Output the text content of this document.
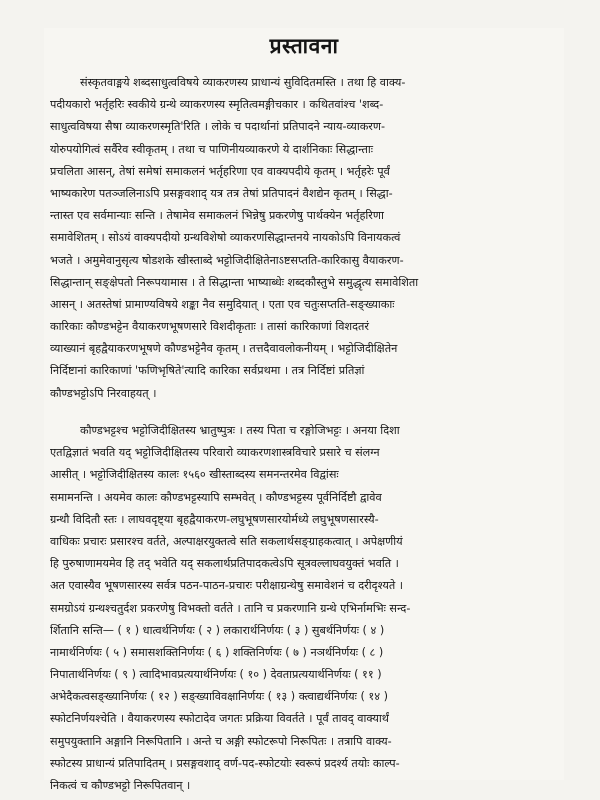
प्रस्तावना
संस्कृतवाङ्मये शब्दसाधुत्वविषये व्याकरणस्य प्राधान्यं सुविदितमस्ति । तथा हि वाक्य-
पदीयकारो भर्तृहरिः स्वकीये ग्रन्थे व्याकरणस्य स्मृतित्वमङ्गीचकार । कथितवांश्च 'शब्द-
साधुत्वविषया सैषा व्याकरणस्मृति'रिति । लोके च पदार्थानां प्रतिपादने न्याय-व्याकरण-
योरुपयोगित्वं सर्वैरेव स्वीकृतम् । तथा च पाणिनीयव्याकरणे ये दार्शनिकाः सिद्धान्ताः
प्रचलिता आसन्, तेषां समेषां समाकलनं भर्तृहरिणा एव वाक्यपदीये कृतम् । भर्तृहरेः पूर्वं
भाष्यकारेण पतञ्जलिनाऽपि प्रसङ्गवशाद् यत्र तत्र तेषां प्रतिपादनं वैशद्येन कृतम् । सिद्धा-
न्तास्त एव सर्वमान्याः सन्ति । तेषामेव समाकलनं भिन्नेषु प्रकरणेषु पार्थक्येन भर्तृहरिणा
समावेशितम् । सोऽयं वाक्यपदीयो ग्रन्थविशेषो व्याकरणसिद्धान्तनये नायकोऽपि विनायकत्वं
भजते । अमुमेवानुसृत्य षोडशके खीस्ताब्दे भट्टोजिदीक्षितेनाऽष्टसप्तति-कारिकासु वैयाकरण-
सिद्धान्तान् सङ्क्षेपतो निरूपयामास । ते सिद्धान्ता भाष्याब्धेः शब्दकौस्तुभे समुद्धृत्य समावेशिता
आसन् । अतस्तेषां प्रामाण्यविषये शङ्का नैव समुदियात् । एता एव चतुःसप्तति-सङ्ख्याकाः
कारिकाः कौण्डभट्टेन वैयाकरणभूषणसारे विशदीकृताः । तासां कारिकाणां विशदतरं
व्याख्यानं बृहद्वैयाकरणभूषणे कौण्डभट्टेनैव कृतम् । तत्तदैवावलोकनीयम् । भट्टोजिदीक्षितेन
निर्दिष्टानां कारिकाणां 'फणिभृषिते'त्यादि कारिका सर्वप्रथमा । तत्र निर्दिष्टां प्रतिज्ञां
कौण्डभट्टोऽपि निरवाहयत् ।
कौण्डभट्टश्च भट्टोजिदीक्षितस्य भ्रातुष्पुत्रः । तस्य पिता च रङ्गोजिभट्टः । अनया दिशा
एतद्विज्ञातं भवति यद् भट्टोजिदीक्षितस्य परिवारो व्याकरणशास्त्रविचारे प्रसारे च संलग्न
आसीत् । भट्टोजिदीक्षितस्य कालः १५६० खीस्ताब्दस्य समनन्तरमेव विद्वांसः
समामनन्ति । अयमेव कालः कौण्डभट्टस्यापि सम्भवेत् । कौण्डभट्टस्य पूर्वनिर्दिष्टौ द्वावेव
ग्रन्थौ विदितौ स्तः । लाघवदृष्ट्या बृहद्वैयाकरण-लघुभूषणसारयोर्मध्ये लघुभूषणसारस्यै-
वाधिकः प्रचारः प्रसारश्च वर्तते, अल्पाक्षरयुक्तत्वे सति सकलार्थसङ्ग्राहकत्वात् । अपेक्षणीयं
हि पुरुषाणामयमेव हि तद् भवेति यद् सकलार्थप्रतिपादकत्वेऽपि सूत्रवल्लाघवयुक्तं भवति ।
अत एवास्यैव भूषणसारस्य सर्वत्र पठन-पाठन-प्रचारः परीक्षाग्रन्थेषु समावेशनं च दरीदृश्यते ।
समग्रोऽयं ग्रन्थश्चतुर्दश प्रकरणेषु विभक्तो वर्तते । तानि च प्रकरणानि ग्रन्थे एभिर्नामभिः सन्द-
र्शितानि सन्ति— ( १ ) धात्वर्थनिर्णयः ( २ ) लकारार्थनिर्णयः ( ३ ) सुबर्थनिर्णयः ( ४ )
नामार्थनिर्णयः ( ५ ) समासशक्तिनिर्णयः ( ६ ) शक्तिनिर्णयः ( ७ ) नञर्थनिर्णयः ( ८ )
निपातार्थनिर्णयः ( ९ ) त्वादिभावप्रत्ययार्थनिर्णयः ( १० ) देवताप्रत्ययार्थनिर्णयः ( ११ )
अभेदैकत्वसङ्ख्यानिर्णयः ( १२ ) सङ्ख्याविवक्षानिर्णयः ( १३ ) क्त्वाद्यर्थनिर्णयः ( १४ )
स्फोटनिर्णयश्चेति । वैयाकरणस्य स्फोटादेव जगतः प्रक्रिया विवर्तते । पूर्वं तावद् वाक्यार्थं
समुपयुक्तानि अङ्गानि निरूपितानि । अन्ते च अङ्गी स्फोटरूपो निरूपितः । तत्रापि वाक्य-
स्फोटस्य प्राधान्यं प्रतिपादितम् । प्रसङ्गवशाद् वर्ण-पद-स्फोटयोः स्वरूपं प्रदर्श्य तयोः काल्प-
निकत्वं च कौण्डभट्टो निरूपितवान् ।
